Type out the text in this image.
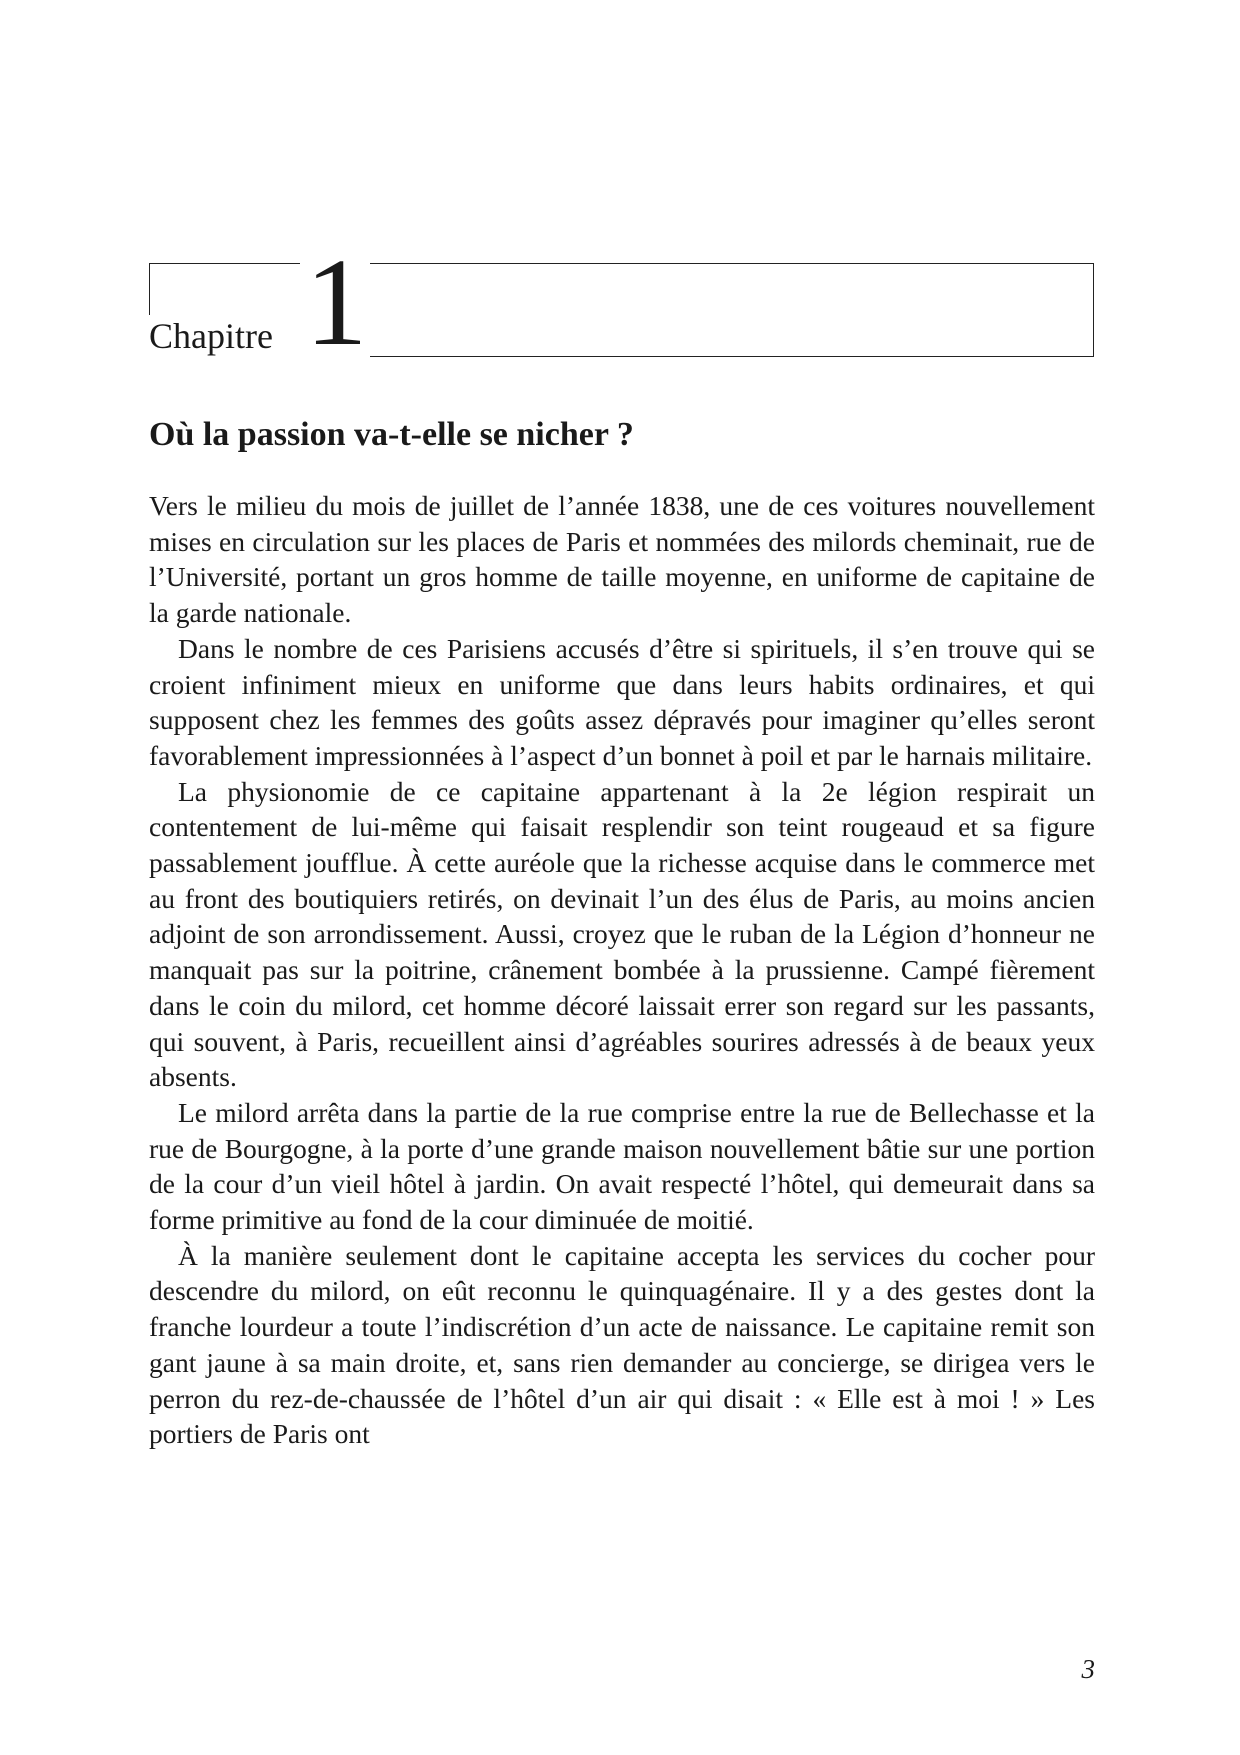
Chapitre 1
Où la passion va-t-elle se nicher ?

Vers le milieu du mois de juillet de l’année 1838, une de ces voitures nouvellement mises en circulation sur les places de Paris et nommées des milords cheminait, rue de l’Université, portant un gros homme de taille moyenne, en uniforme de capitaine de la garde nationale.

Dans le nombre de ces Parisiens accusés d’être si spirituels, il s’en trouve qui se croient infiniment mieux en uniforme que dans leurs habits ordinaires, et qui supposent chez les femmes des goûts assez dépravés pour imaginer qu’elles seront favorablement impressionnées à l’aspect d’un bonnet à poil et par le harnais militaire.

La physionomie de ce capitaine appartenant à la 2e légion respirait un contentement de lui-même qui faisait resplendir son teint rougeaud et sa figure passablement joufflue. À cette auréole que la richesse acquise dans le commerce met au front des boutiquiers retirés, on devinait l’un des élus de Paris, au moins ancien adjoint de son arrondissement. Aussi, croyez que le ruban de la Légion d’honneur ne manquait pas sur la poitrine, crânement bombée à la prussienne. Campé fièrement dans le coin du milord, cet homme décoré laissait errer son regard sur les passants, qui souvent, à Paris, recueillent ainsi d’agréables sourires adressés à de beaux yeux absents.

Le milord arrêta dans la partie de la rue comprise entre la rue de Bellechasse et la rue de Bourgogne, à la porte d’une grande maison nouvellement bâtie sur une portion de la cour d’un vieil hôtel à jardin. On avait respecté l’hôtel, qui demeurait dans sa forme primitive au fond de la cour diminuée de moitié.

À la manière seulement dont le capitaine accepta les services du cocher pour descendre du milord, on eût reconnu le quinquagénaire. Il y a des gestes dont la franche lourdeur a toute l’indiscrétion d’un acte de naissance. Le capitaine remit son gant jaune à sa main droite, et, sans rien demander au concierge, se dirigea vers le perron du rez-de-chaussée de l’hôtel d’un air qui disait : « Elle est à moi ! » Les portiers de Paris ont

3
